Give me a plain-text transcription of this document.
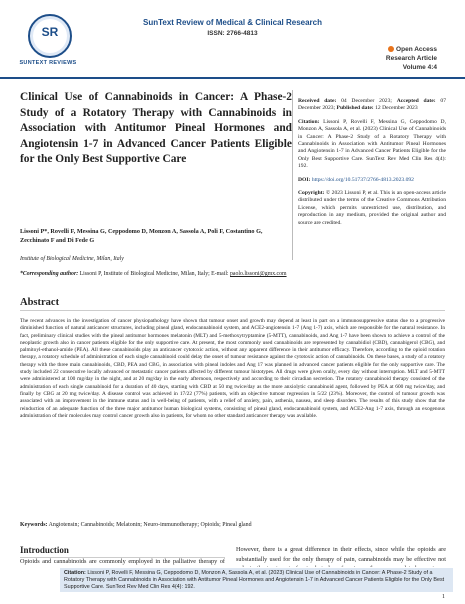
SR
SUNTEXT REVIEWS
SunText Review of Medical & Clinical Research
ISSN: 2766-4813
Open Access
Research Article
Volume 4:4
Clinical Use of Cannabinoids in Cancer: A Phase-2 Study of a Rotatory Therapy with Cannabinoids in Association with Antitumor Pineal Hormones and Angiotensin 1-7 in Advanced Cancer Patients Eligible for the Only Best Supportive Care
Lissoni P*, Rovelli F, Messina G, Ceppodomo D, Monzon A, Sassola A, Poli F, Costantino G, Zecchinato F and Di Fede G
Institute of Biological Medicine, Milan, Italy
*Corresponding author: Lissoni P, Institute of Biological Medicine, Milan, Italy; E-mail: paolo.lissoni@gmx.com

Received date: 04 December 2023; Accepted date: 07 December 2023; Published date: 12 December 2023

Citation: Lissoni P, Rovelli F, Messina G, Ceppodomo D, Monzon A, Sassola A, et al. (2023) Clinical Use of Cannabinoids in Cancer: A Phase-2 Study of a Rotatory Therapy with Cannabinoids in Association with Antitumor Pineal Hormones and Angiotensin 1-7 in Advanced Cancer Patients Eligible for the Only Best Supportive Care. SunText Rev Med Clin Res 4(4): 192.

DOI: https://doi.org/10.51737/2766-4813.2023.092

Copyright: © 2023 Lissoni P, et al. This is an open-access article distributed under the terms of the Creative Commons Attribution License, which permits unrestricted use, distribution, and reproduction in any medium, provided the original author and source are credited.

Abstract
The recent advances in the investigation of cancer physiopathology have shown that tumour onset and growth may depend at least in part on a immunosuppressive status due to a progressive diminished function of natural anticancer structures, including pineal gland, endocannabinoid system, and ACE2-angiotensin 1-7 (Ang 1-7) axis, which are responsible for the natural resistance. In fact, preliminary clinical studies with the pineal antitumor hormones melatonin (MLT) and 5-methoxytryptamine (5-MTT), cannabinoids, and Ang 1-7 have been shown to achieve a control of the neoplastic growth also in cancer patients eligible for the only supportive care. At present, the most commonly used cannabinoids are represented by cannabidiol (CBD), cannabigerol (CBG), and palmitoyl-ethanol-amide (PEA). All these cannabinoids play an anticancer cytotoxic action, without any apparent difference in their antitumor efficacy. Therefore, according to the opioid rotation therapy, a rotatory schedule of administration of each single cannabinoid could delay the onset of tumour resistance against the cytotoxic action of cannabinoids. On these bases, a study of a rotatory therapy with the three main cannabinoids, CBD, PEA and CBG, in association with pineal indoles and Ang 17 was planned in advanced cancer patients eligible for the only supportive care. The study included 22 consecutive locally advanced or metastatic cancer patients affected by different tumour histotypes. All drugs were given orally, every day without interruption. MLT and 5-MTT were administered at 100 mg/day in the night, and at 20 mg/day in the early afternoon, respectively and according to their circadian secretion. The rotatory cannabinoid therapy consisted of the administration of each single cannabinoid for a duration of 40 days, starting with CBD at 50 mg twice/day as the more anxiolytic cannabinoid agent, followed by PEA at 600 mg twice/day, and finally by CBG at 20 mg twice/day. A disease control was achieved in 17/22 (77%) patients, with an objective tumour regression in 5/22 (23%). Moreover, the control of tumour growth was associated with an improvement in the immune status and in well-being of patients, with a relief of anxiety, pain, asthenia, nausea, and sleep disorders. The results of this study show that the reinduction of an adequate function of the three major antitumor human biological systems, consisting of pineal gland, endocannabinoid system, and ACE2-Ang 1-7 axis, through an exogenous administration of their molecules may control cancer growth also in patients, for whom no other standard anticancer therapy was available.
Keywords: Angiotensin; Cannabinoids; Melatonin; Neuro-immunotherapy; Opioids; Pineal gland
Introduction	However, there is a great difference in their effects, since while the opioids are substantially used for the only therapy of pain, cannabinoids may be effective not
Citation: Lissoni P, Rovelli F, Messina G, Ceppodomo D, Monzon A, Sassola A, et al. (2023) Clinical Use of Cannabinoids in Cancer: A Phase-2 Study of a Rotatory Therapy with Cannabinoids in Association with Antitumor Pineal Hormones and Angiotensin 1-7 in Advanced Cancer Patients Eligible for the Only Best Supportive Care. SunText Rev Med Clin Res 4(4): 192.
1
Opioids and cannabinoids are commonly employed in the palliative therapy of
